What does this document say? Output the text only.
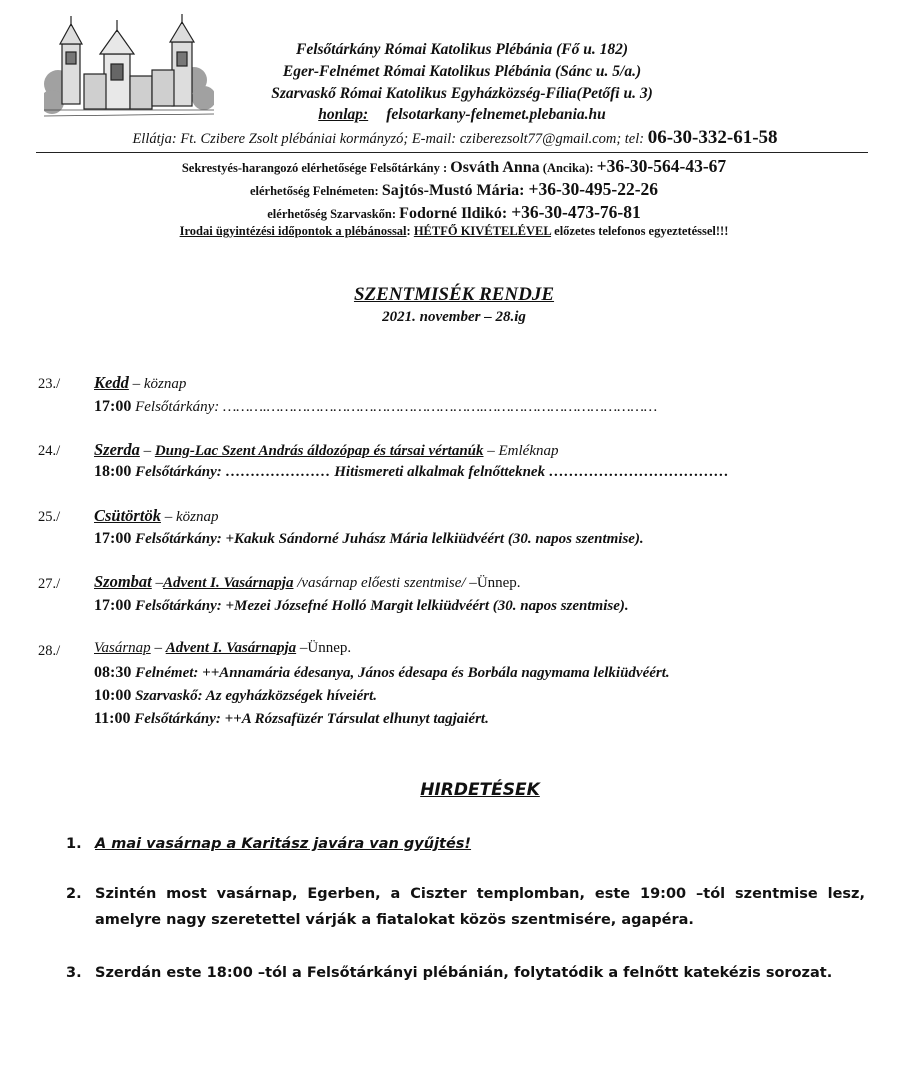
Felsőtárkány Római Katolikus Plébánia (Fő u. 182)
Eger-Felnémet Római Katolikus Plébánia (Sánc u. 5/a.)
Szarvaskő Római Katolikus Egyházközség-Fília(Petőfi u. 3)
honlap: felsotarkany-felnemet.plebania.hu
Ellátja: Ft. Czibere Zsolt plébániai kormányzó; E-mail: cziberezsolt77@gmail.com; tel: 06-30-332-61-58
Sekrestyés-harangozó elérhetősége Felsőtárkány : Osváth Anna (Ancika): +36-30-564-43-67
elérhetőség Felnémeten: Sajtós-Mustó Mária: +36-30-495-22-26
elérhetőség Szarvaskőn: Fodorné Ildikó: +36-30-473-76-81
Irodai ügyintézési időpontok a plébánossal: HÉTFŐ KIVÉTELÉVEL előzetes telefonos egyeztetéssel!!!
SZENTMISÉK RENDJE
2021. november – 28.ig
23./ Kedd – köznap
17:00 Felsőtárkány: ……….………………………………………….…………………………………
24./ Szerda – Dung-Lac Szent András áldozópap és társai vértanúk – Emléknap
18:00 Felsőtárkány: ………………… Hitismereti alkalmak felnőtteknek ………………………………
25./ Csütörtök – köznap
17:00 Felsőtárkány: +Kakuk Sándorné Juhász Mária lelkiüdvéért (30. napos szentmise).
27./ Szombat –Advent I. Vasárnapja /vasárnap előesti szentmise/ –Ünnep.
17:00 Felsőtárkány: +Mezei Józsefné Holló Margit lelkiüdvéért (30. napos szentmise).
28./ Vasárnap – Advent I. Vasárnapja –Ünnep.
08:30 Felnémet: ++Annamária édesanya, János édesapa és Borbála nagymama lelkiüdvéért.
10:00 Szarvaskő: Az egyházközségek híveiért.
11:00 Felsőtárkány: ++A Rózsafüzér Társulat elhunyt tagjaiért.
HIRDETÉSEK
1. A mai vasárnap a Karitász javára van gyűjtés!
2. Szintén most vasárnap, Egerben, a Ciszter templomban, este 19:00 –tól szentmise lesz, amelyre nagy szeretettel várják a fiatalokat közös szentmisére, agapéra.
3. Szerdán este 18:00 –tól a Felsőtárkányi plébánián, folytatódik a felnőtt katekézis sorozat.
